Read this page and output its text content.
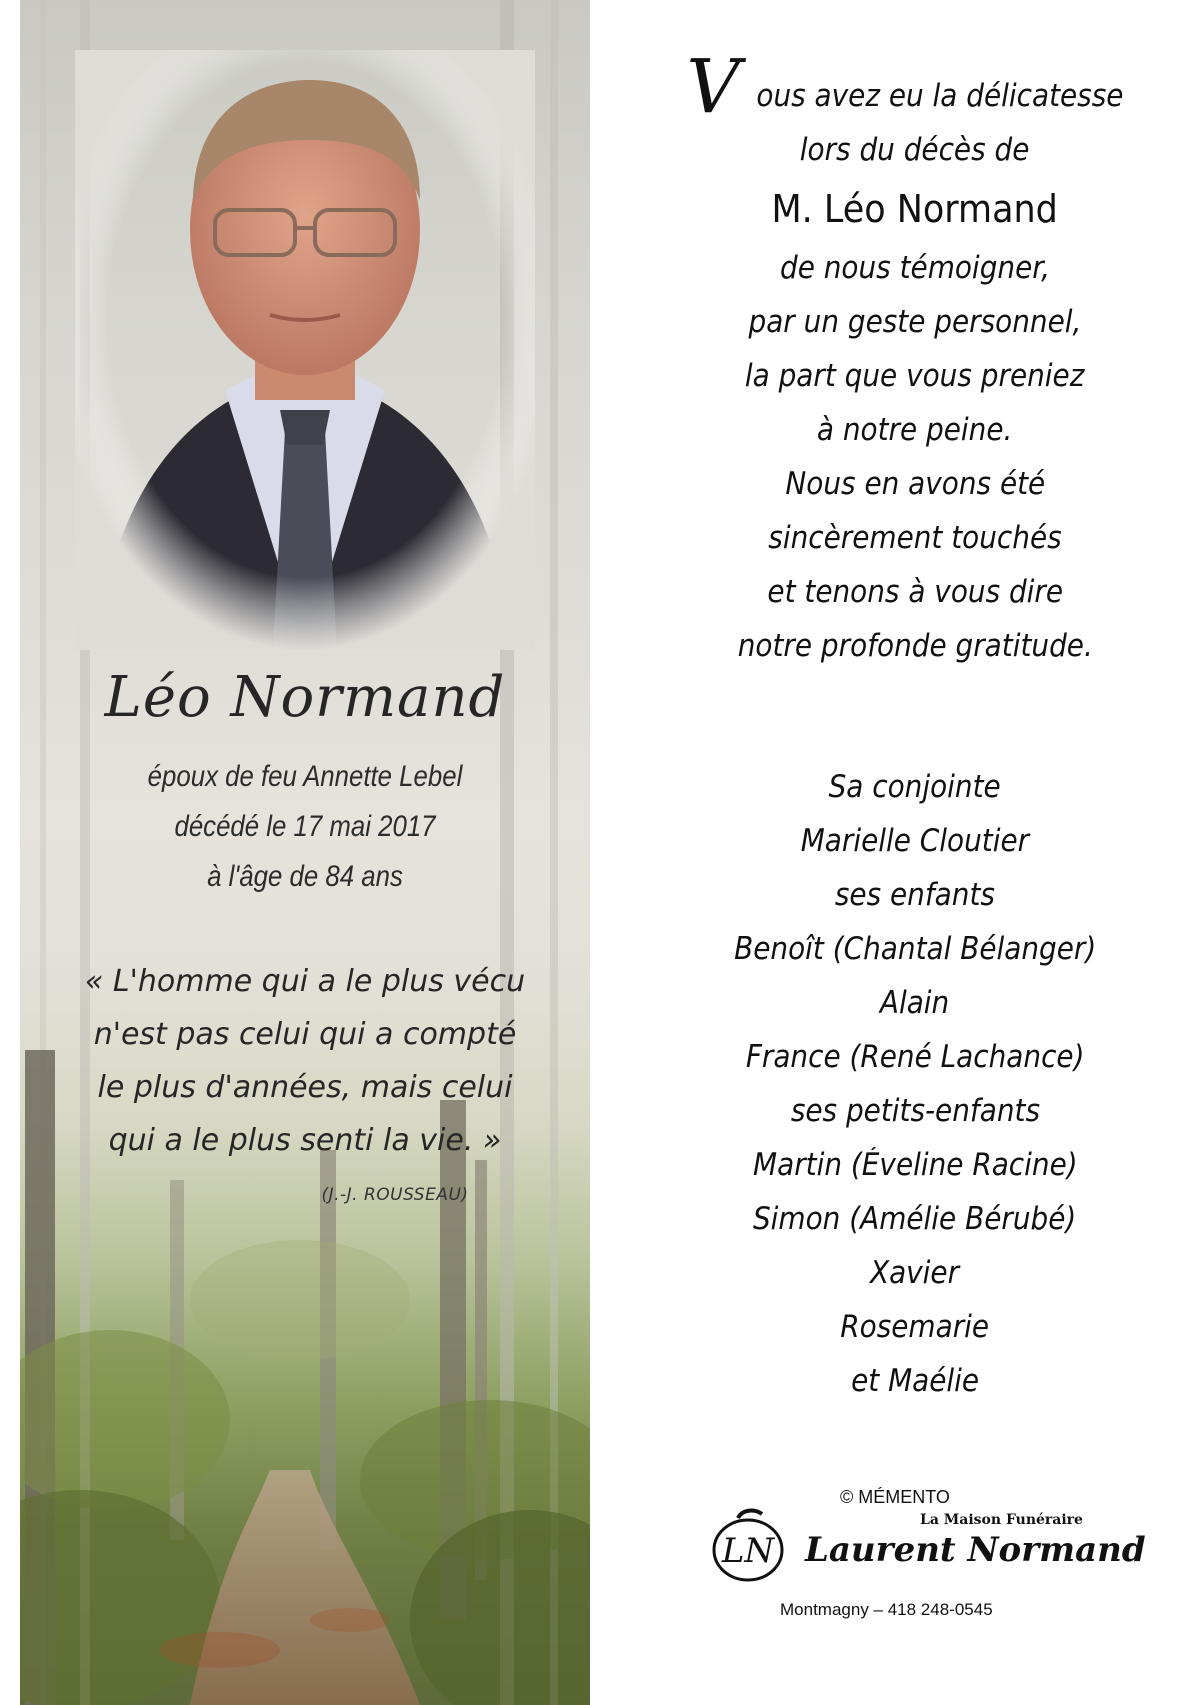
Léo Normand
époux de feu Annette Lebel
décédé le 17 mai 2017
à l'âge de 84 ans
« L'homme qui a le plus vécu
n'est pas celui qui a compté
le plus d'années, mais celui
qui a le plus senti la vie. »
(J.-J. ROUSSEAU)
V ous avez eu la délicatesse
lors du décès de
M. Léo Normand
de nous témoigner,
par un geste personnel,
la part que vous preniez
à notre peine.
Nous en avons été
sincèrement touchés
et tenons à vous dire
notre profonde gratitude.
Sa conjointe
Marielle Cloutier
ses enfants
Benoît (Chantal Bélanger)
Alain
France (René Lachance)
ses petits-enfants
Martin (Éveline Racine)
Simon (Amélie Bérubé)
Xavier
Rosemarie
et Maélie
© MÉMENTO
La Maison Funéraire
LN Laurent Normand
Montmagny – 418 248-0545
